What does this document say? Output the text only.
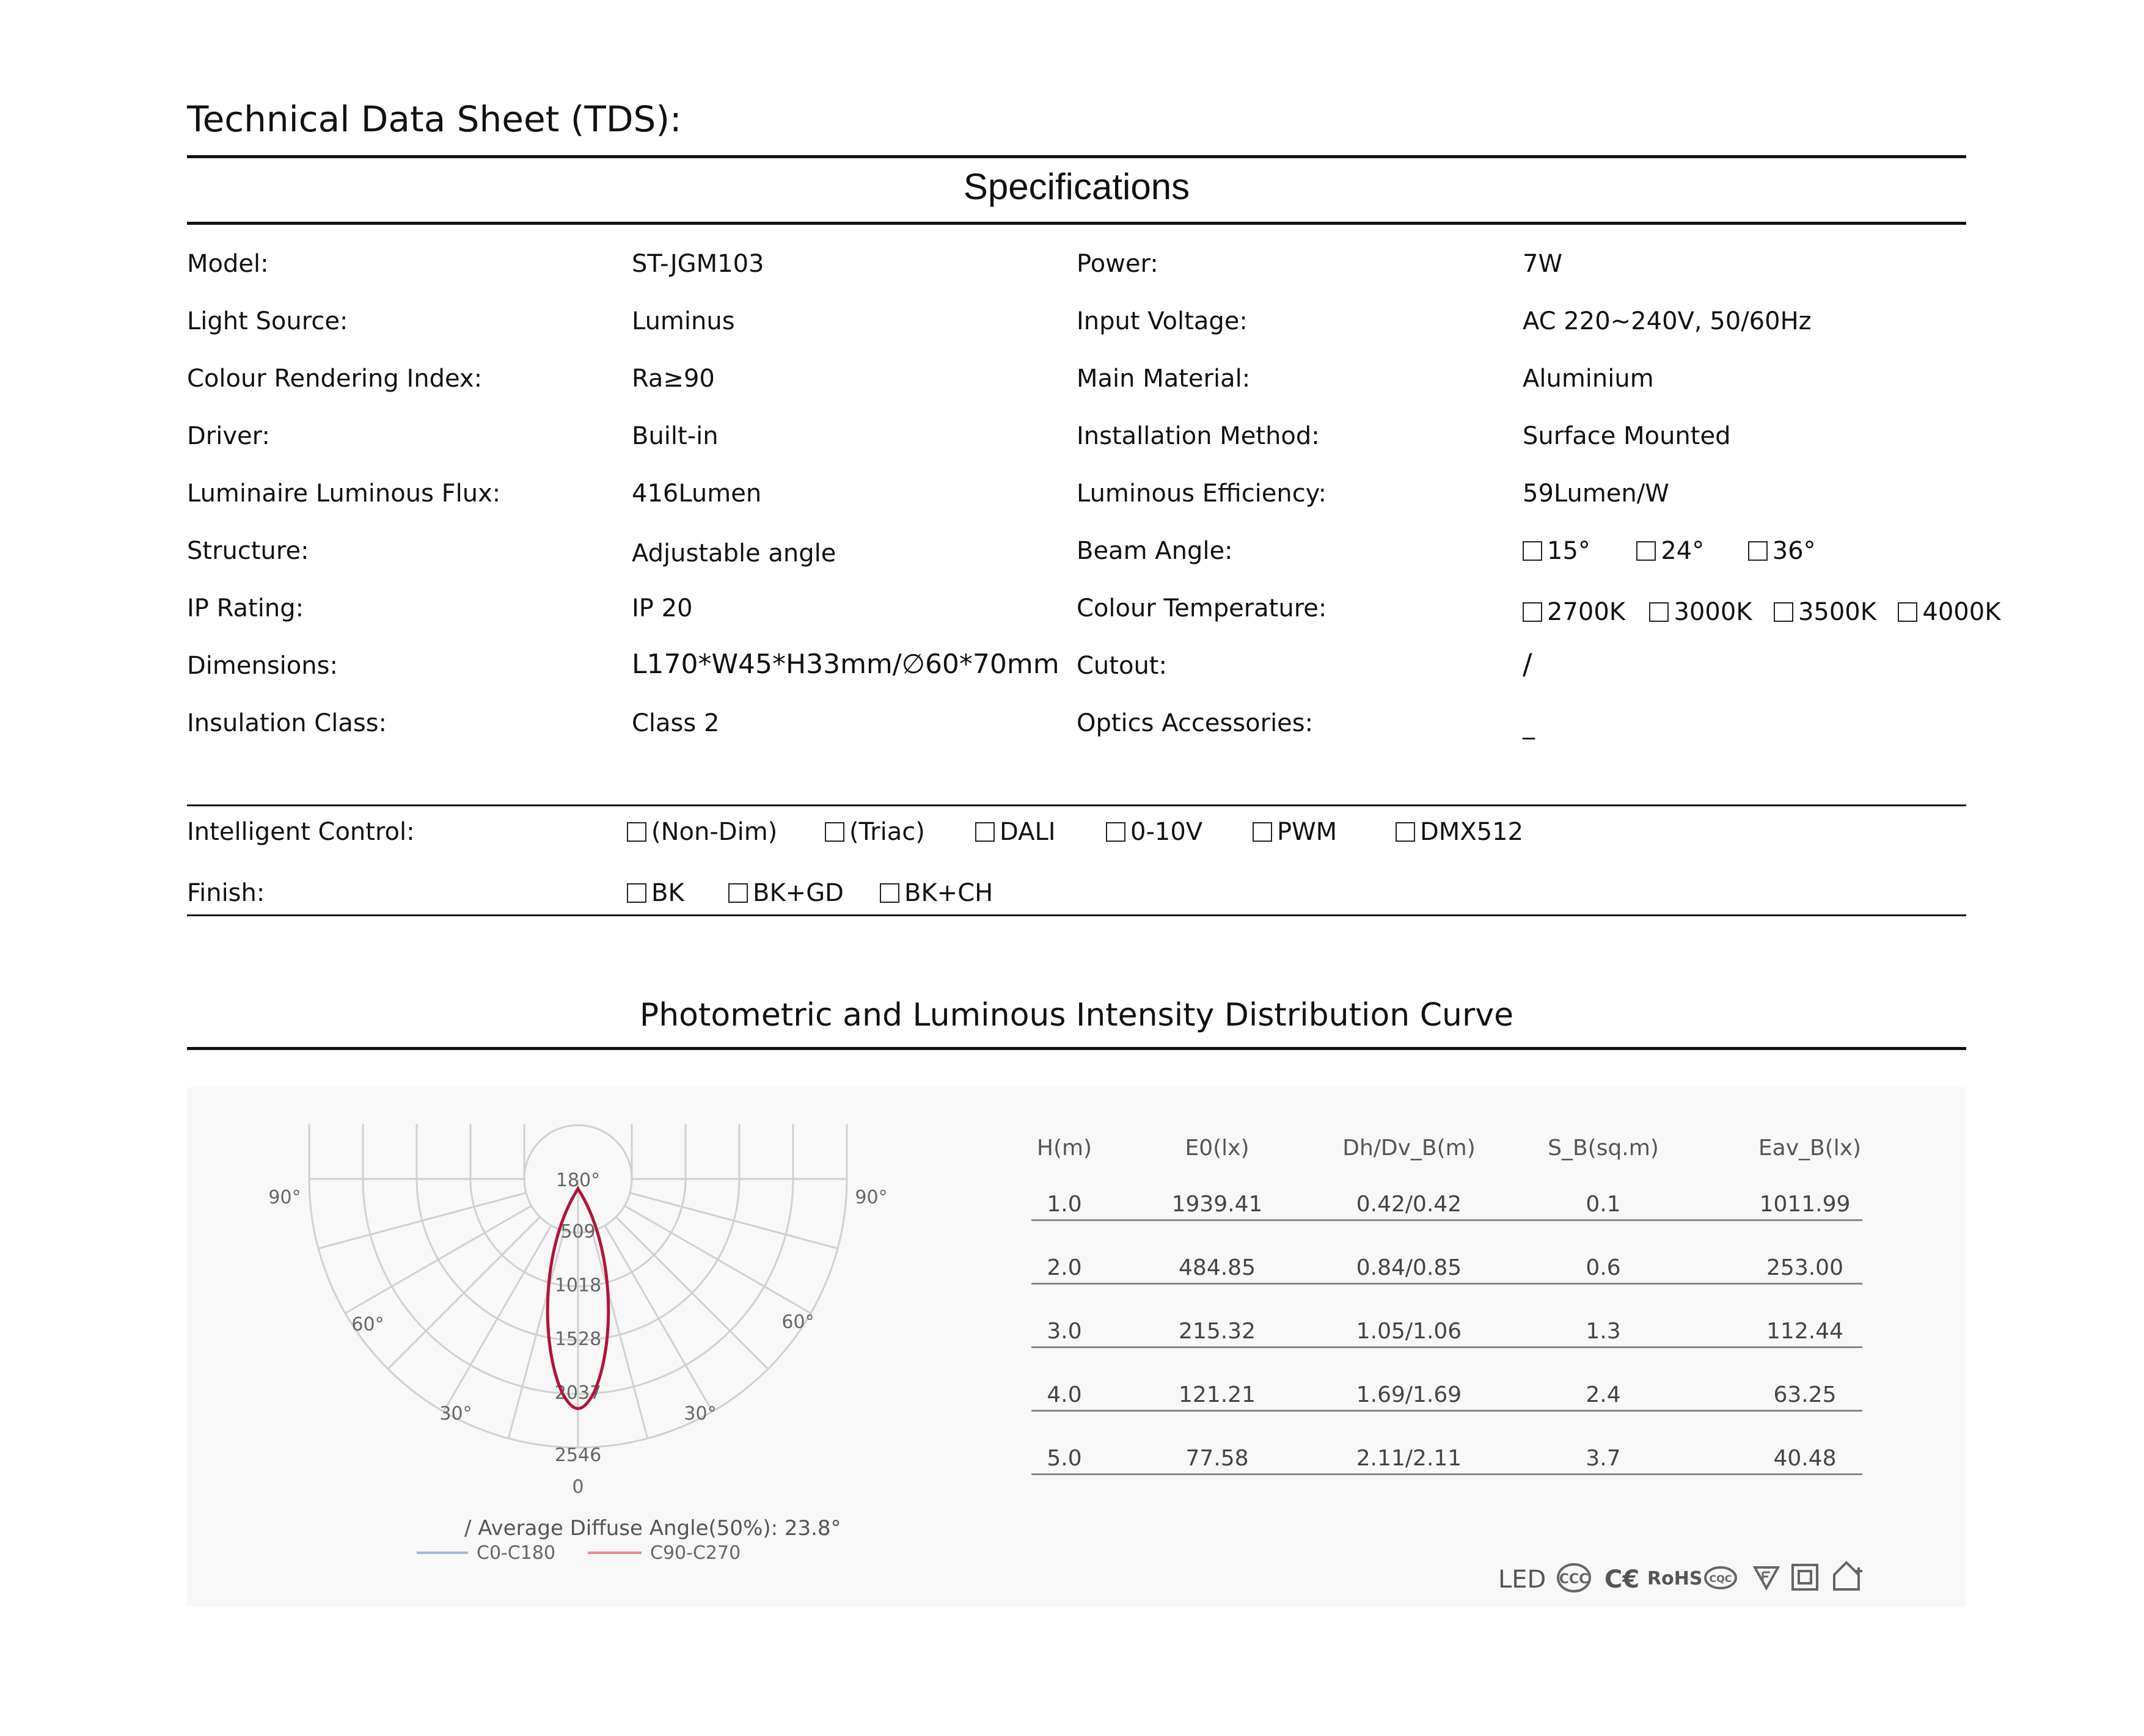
Technical Data Sheet (TDS):
Specifications
Model:	ST-JGM103
Light Source:	Luminus
Colour Rendering Index:	Ra≥90
Driver:	Built-in
Luminaire Luminous Flux:	416Lumen
Structure:	Adjustable angle
IP Rating:	IP 20
Dimensions:	L170*W45*H33mm/∅60*70mm
Insulation Class:	Class 2
Power:	7W
Input Voltage:	AC 220~240V, 50/60Hz
Main Material:	Aluminium
Installation Method:	Surface Mounted
Luminous Efficiency:	59Lumen/W
Beam Angle:	15°	24°	36°
Colour Temperature:	2700K 3000K 3500K 4000K
Cutout:	/
Optics Accessories:	_
Intelligent Control:	(Non-Dim)	(Triac)	DALI	0-10V	PWM	DMX512
Finish:	BK	BK+GD	BK+CH
Photometric and Luminous Intensity Distribution Curve
180°
90°	90°
60°	60°
30°	30°
0
509
1018
1528
2037
2546
C0-C180	C90-C270
/ Average Diffuse Angle(50%): 23.8°
H(m)	E0(lx)	Dh/Dv_B(m)	S_B(sq.m)	Eav_B(lx)
1.0	1939.41	0.42/0.42	0.1	1011.99
2.0	484.85	0.84/0.85	0.6	253.00
3.0	215.32	1.05/1.06	1.3	112.44
4.0	121.21	1.69/1.69	2.4	63.25
5.0	77.58	2.11/2.11	3.7	40.48
LED CCC C€ RoHS CQC
